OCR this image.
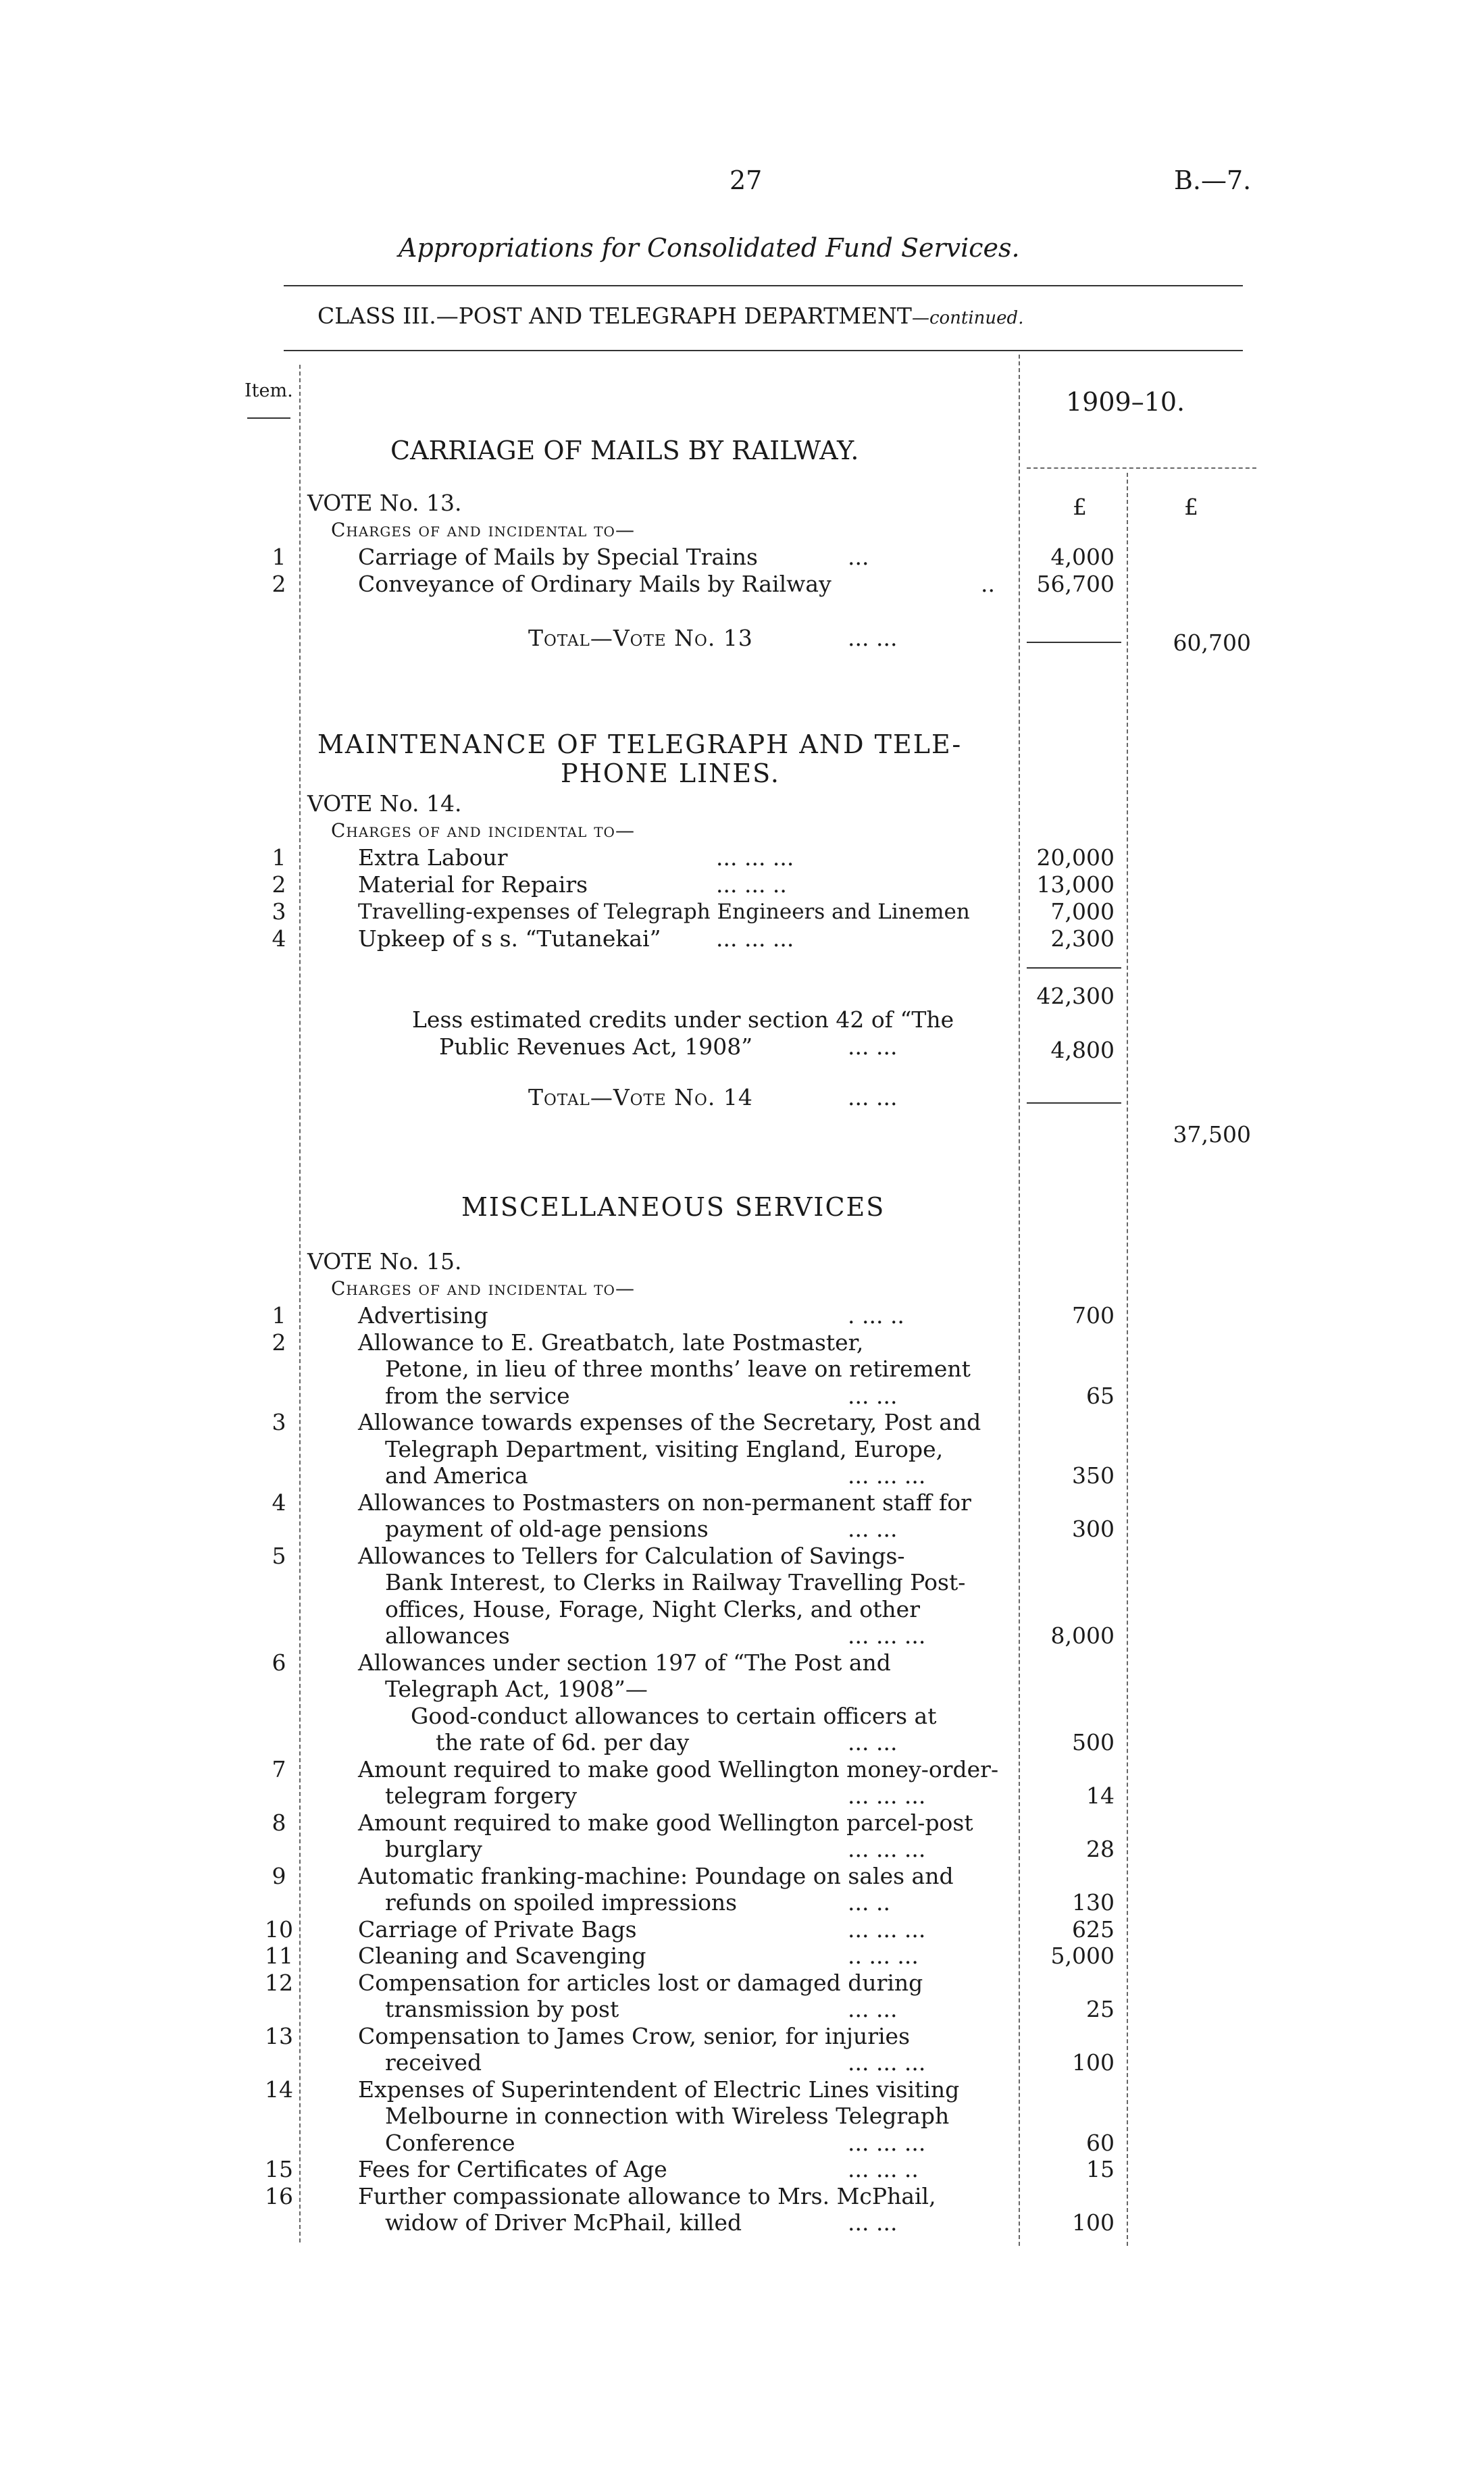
27	B.—7.
Appropriations for Consolidated Fund Services.
CLASS III.—POST AND TELEGRAPH DEPARTMENT—continued.
Item.	1909–10.
£	£
CARRIAGE OF MAILS BY RAILWAY.
VOTE No. 13.
Charges of and incidental to—
1	Carriage of Mails by Special Trains	...	4,000
2	Conveyance of Ordinary Mails by Railway	..	56,700
Total—Vote No. 13	... ...	60,700
MAINTENANCE OF TELEGRAPH AND TELE-
PHONE LINES.
VOTE No. 14.
Charges of and incidental to—
1	Extra Labour	... ... ...	20,000
2	Material for Repairs	... ... ..	13,000
3	Travelling-expenses of Telegraph Engineers and Linemen	7,000
4	Upkeep of s s. “Tutanekai” ... ... ...	2,300
42,300
Less estimated credits under section 42 of “The
Public Revenues Act, 1908”	... ...	4,800
Total—Vote No. 14	... ...
37,500
MISCELLANEOUS SERVICES
VOTE No. 15.
Charges of and incidental to—
1	Advertising	. ... ..	700
2	Allowance to E. Greatbatch, late Postmaster,
Petone, in lieu of three months’ leave on retirement
from the service	... ...	65
3	Allowance towards expenses of the Secretary, Post and
Telegraph Department, visiting England, Europe,
and America	... ... ...	350
4	Allowances to Postmasters on non-permanent staff for
payment of old-age pensions	... ...	300
5	Allowances to Tellers for Calculation of Savings-
Bank Interest, to Clerks in Railway Travelling Post-
offices, House, Forage, Night Clerks, and other
allowances	... ... ...	8,000
6	Allowances under section 197 of “The Post and
Telegraph Act, 1908”—
Good-conduct allowances to certain officers at
the rate of 6d. per day	... ...	500
7	Amount required to make good Wellington money-order-
telegram forgery	... ... ...	14
8	Amount required to make good Wellington parcel-post
burglary	... ... ...	28
9	Automatic franking-machine: Poundage on sales and
refunds on spoiled impressions	... ..	130
10	Carriage of Private Bags	... ... ...	625
11	Cleaning and Scavenging	.. ... ...	5,000
12	Compensation for articles lost or damaged during
transmission by post	... ...	25
13	Compensation to James Crow, senior, for injuries
received	... ... ...	100
14	Expenses of Superintendent of Electric Lines visiting
Melbourne in connection with Wireless Telegraph
Conference	... ... ...	60
15	Fees for Certificates of Age	... ... ..	15
16	Further compassionate allowance to Mrs. McPhail,
widow of Driver McPhail, killed	... ...	100
